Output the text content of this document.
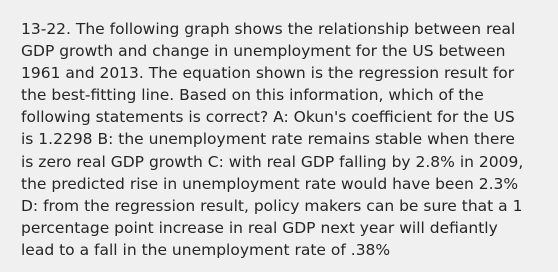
13-22. The following graph shows the relationship between real
GDP growth and change in unemployment for the US between
1961 and 2013. The equation shown is the regression result for
the best-fitting line. Based on this information, which of the
following statements is correct? A: Okun's coefficient for the US
is 1.2298 B: the unemployment rate remains stable when there
is zero real GDP growth C: with real GDP falling by 2.8% in 2009,
the predicted rise in unemployment rate would have been 2.3%
D: from the regression result, policy makers can be sure that a 1
percentage point increase in real GDP next year will defiantly
lead to a fall in the unemployment rate of .38%
